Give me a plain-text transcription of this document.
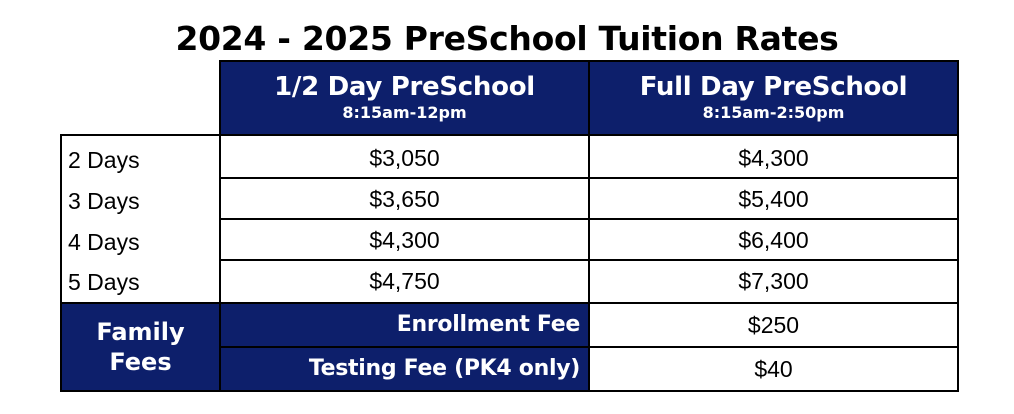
2024 - 2025 PreSchool Tuition Rates
1/2 Day PreSchool
8:15am-12pm
Full Day PreSchool
8:15am-2:50pm
2 Days
3 Days
4 Days
5 Days
$3,050
$3,650
$4,300
$4,750
$4,300
$5,400
$6,400
$7,300
Family
Fees
Enrollment Fee	$250
Testing Fee (PK4 only)	$40
